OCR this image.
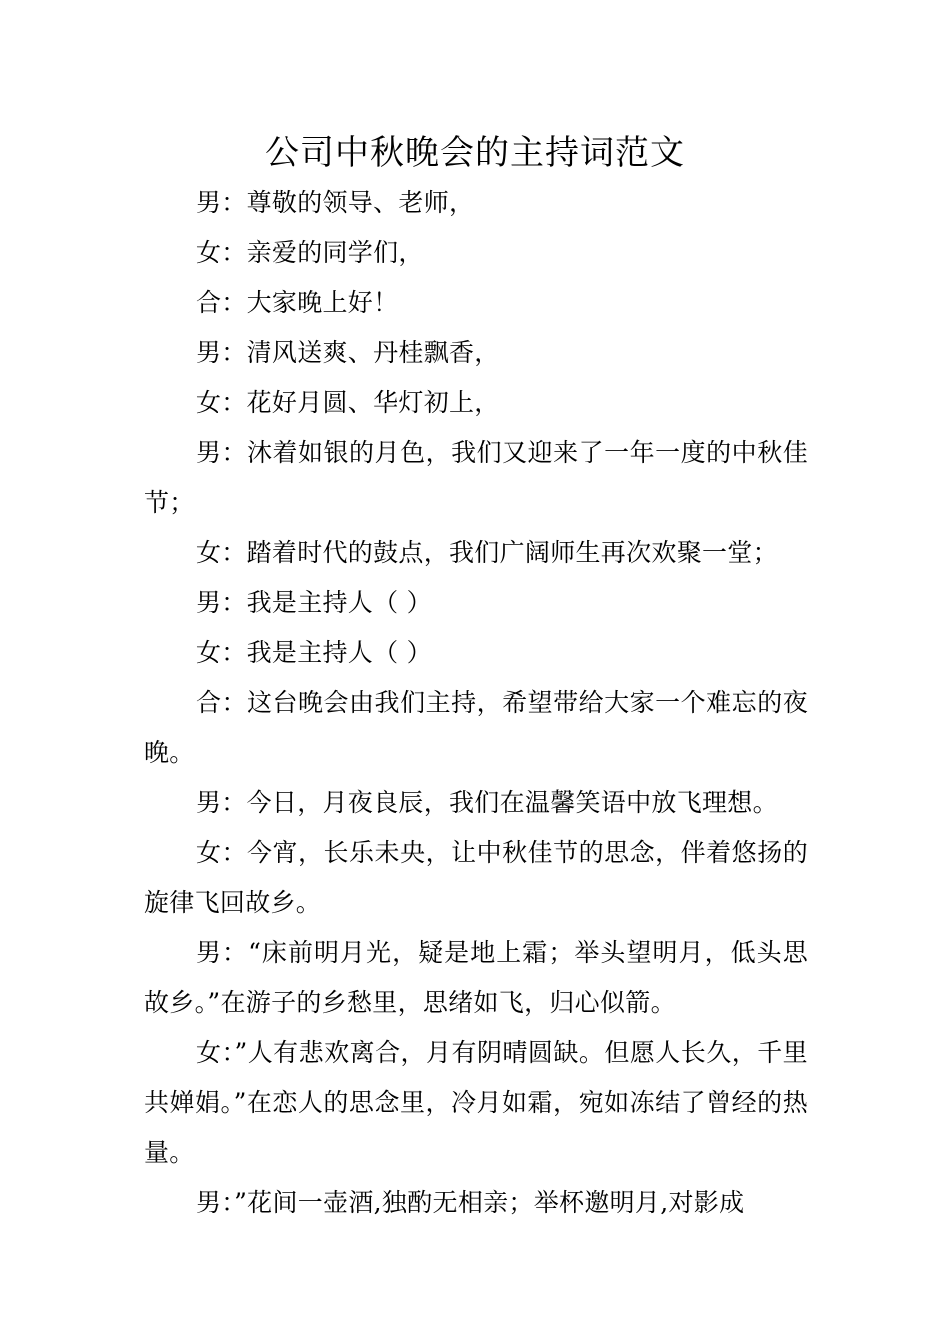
公司中秋晚会的主持词范文

男：尊敬的领导、老师，

女：亲爱的同学们，

合：大家晚上好！

男：清风送爽、丹桂飘香，

女：花好月圆、华灯初上，

男：沐着如银的月色，我们又迎来了一年一度的中秋佳节；

女：踏着时代的鼓点，我们广阔师生再次欢聚一堂；

男：我是主持人（ ）

女：我是主持人（ ）

合：这台晚会由我们主持，希望带给大家一个难忘的夜晚。

男：今日，月夜良辰，我们在温馨笑语中放飞理想。

女：今宵，长乐未央，让中秋佳节的思念，伴着悠扬的旋律飞回故乡。

男：“床前明月光，疑是地上霜；举头望明月，低头思故乡。”在游子的乡愁里，思绪如飞，归心似箭。

女：”人有悲欢离合，月有阴晴圆缺。但愿人长久，千里共婵娟。”在恋人的思念里，冷月如霜，宛如冻结了曾经的热量。

男：”花间一壶酒,独酌无相亲；举杯邀明月,对影成
